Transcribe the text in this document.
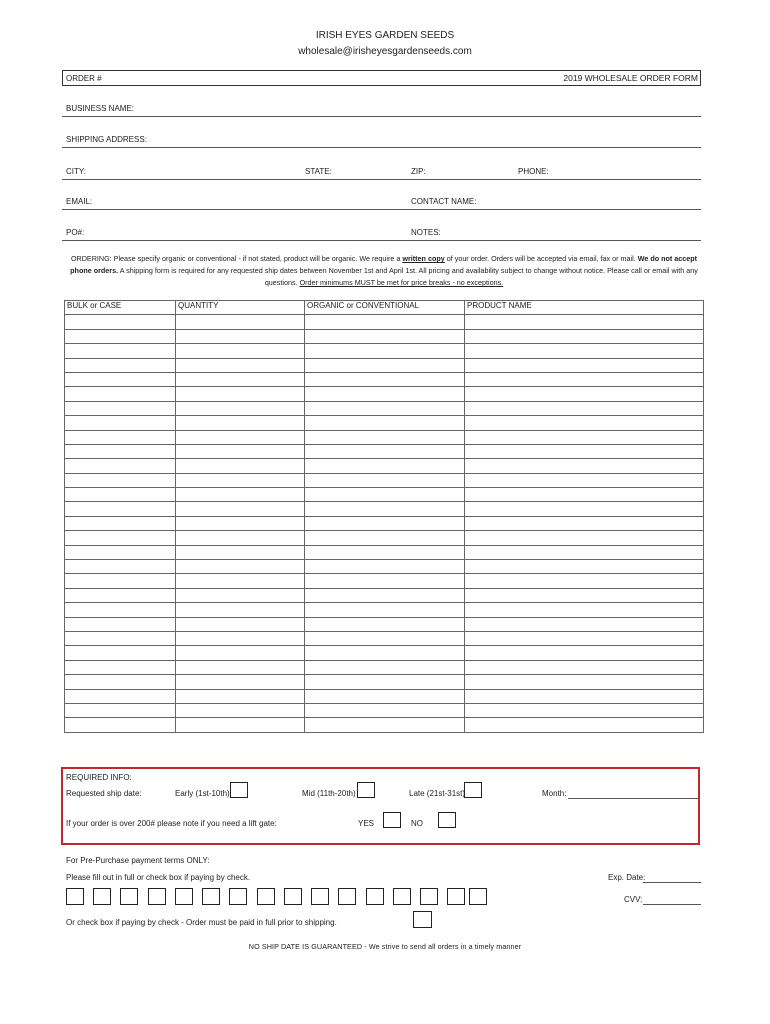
IRISH EYES GARDEN SEEDS
wholesale@irisheyesgardenseeds.com
ORDER #	2019 WHOLESALE ORDER FORM
BUSINESS NAME:
SHIPPING ADDRESS:
CITY:	STATE:	ZIP:	PHONE:
EMAIL:	CONTACT NAME:
PO#:	NOTES:
ORDERING: Please specify organic or conventional - if not stated, product will be organic. We require a written copy of your order. Orders will be accepted via email, fax or mail. We do not accept phone orders. A shipping form is required for any requested ship dates between November 1st and April 1st. All pricing and availability subject to change without notice. Please call or email with any questions. Order minimums MUST be met for price breaks - no exceptions.
BULK or CASE	QUANTITY	ORGANIC or CONVENTIONAL	PRODUCT NAME

REQUIRED INFO:
Requested ship date:	Early (1st-10th)	Mid (11th-20th)	Late (21st-31st)	Month:
If your order is over 200# please note if you need a lift gate:	YES	NO
For Pre-Purchase payment terms ONLY:
Please fill out in full or check box if paying by check.	Exp. Date:
CVV:
Or check box if paying by check - Order must be paid in full prior to shipping.
NO SHIP DATE IS GUARANTEED - We strive to send all orders in a timely manner
